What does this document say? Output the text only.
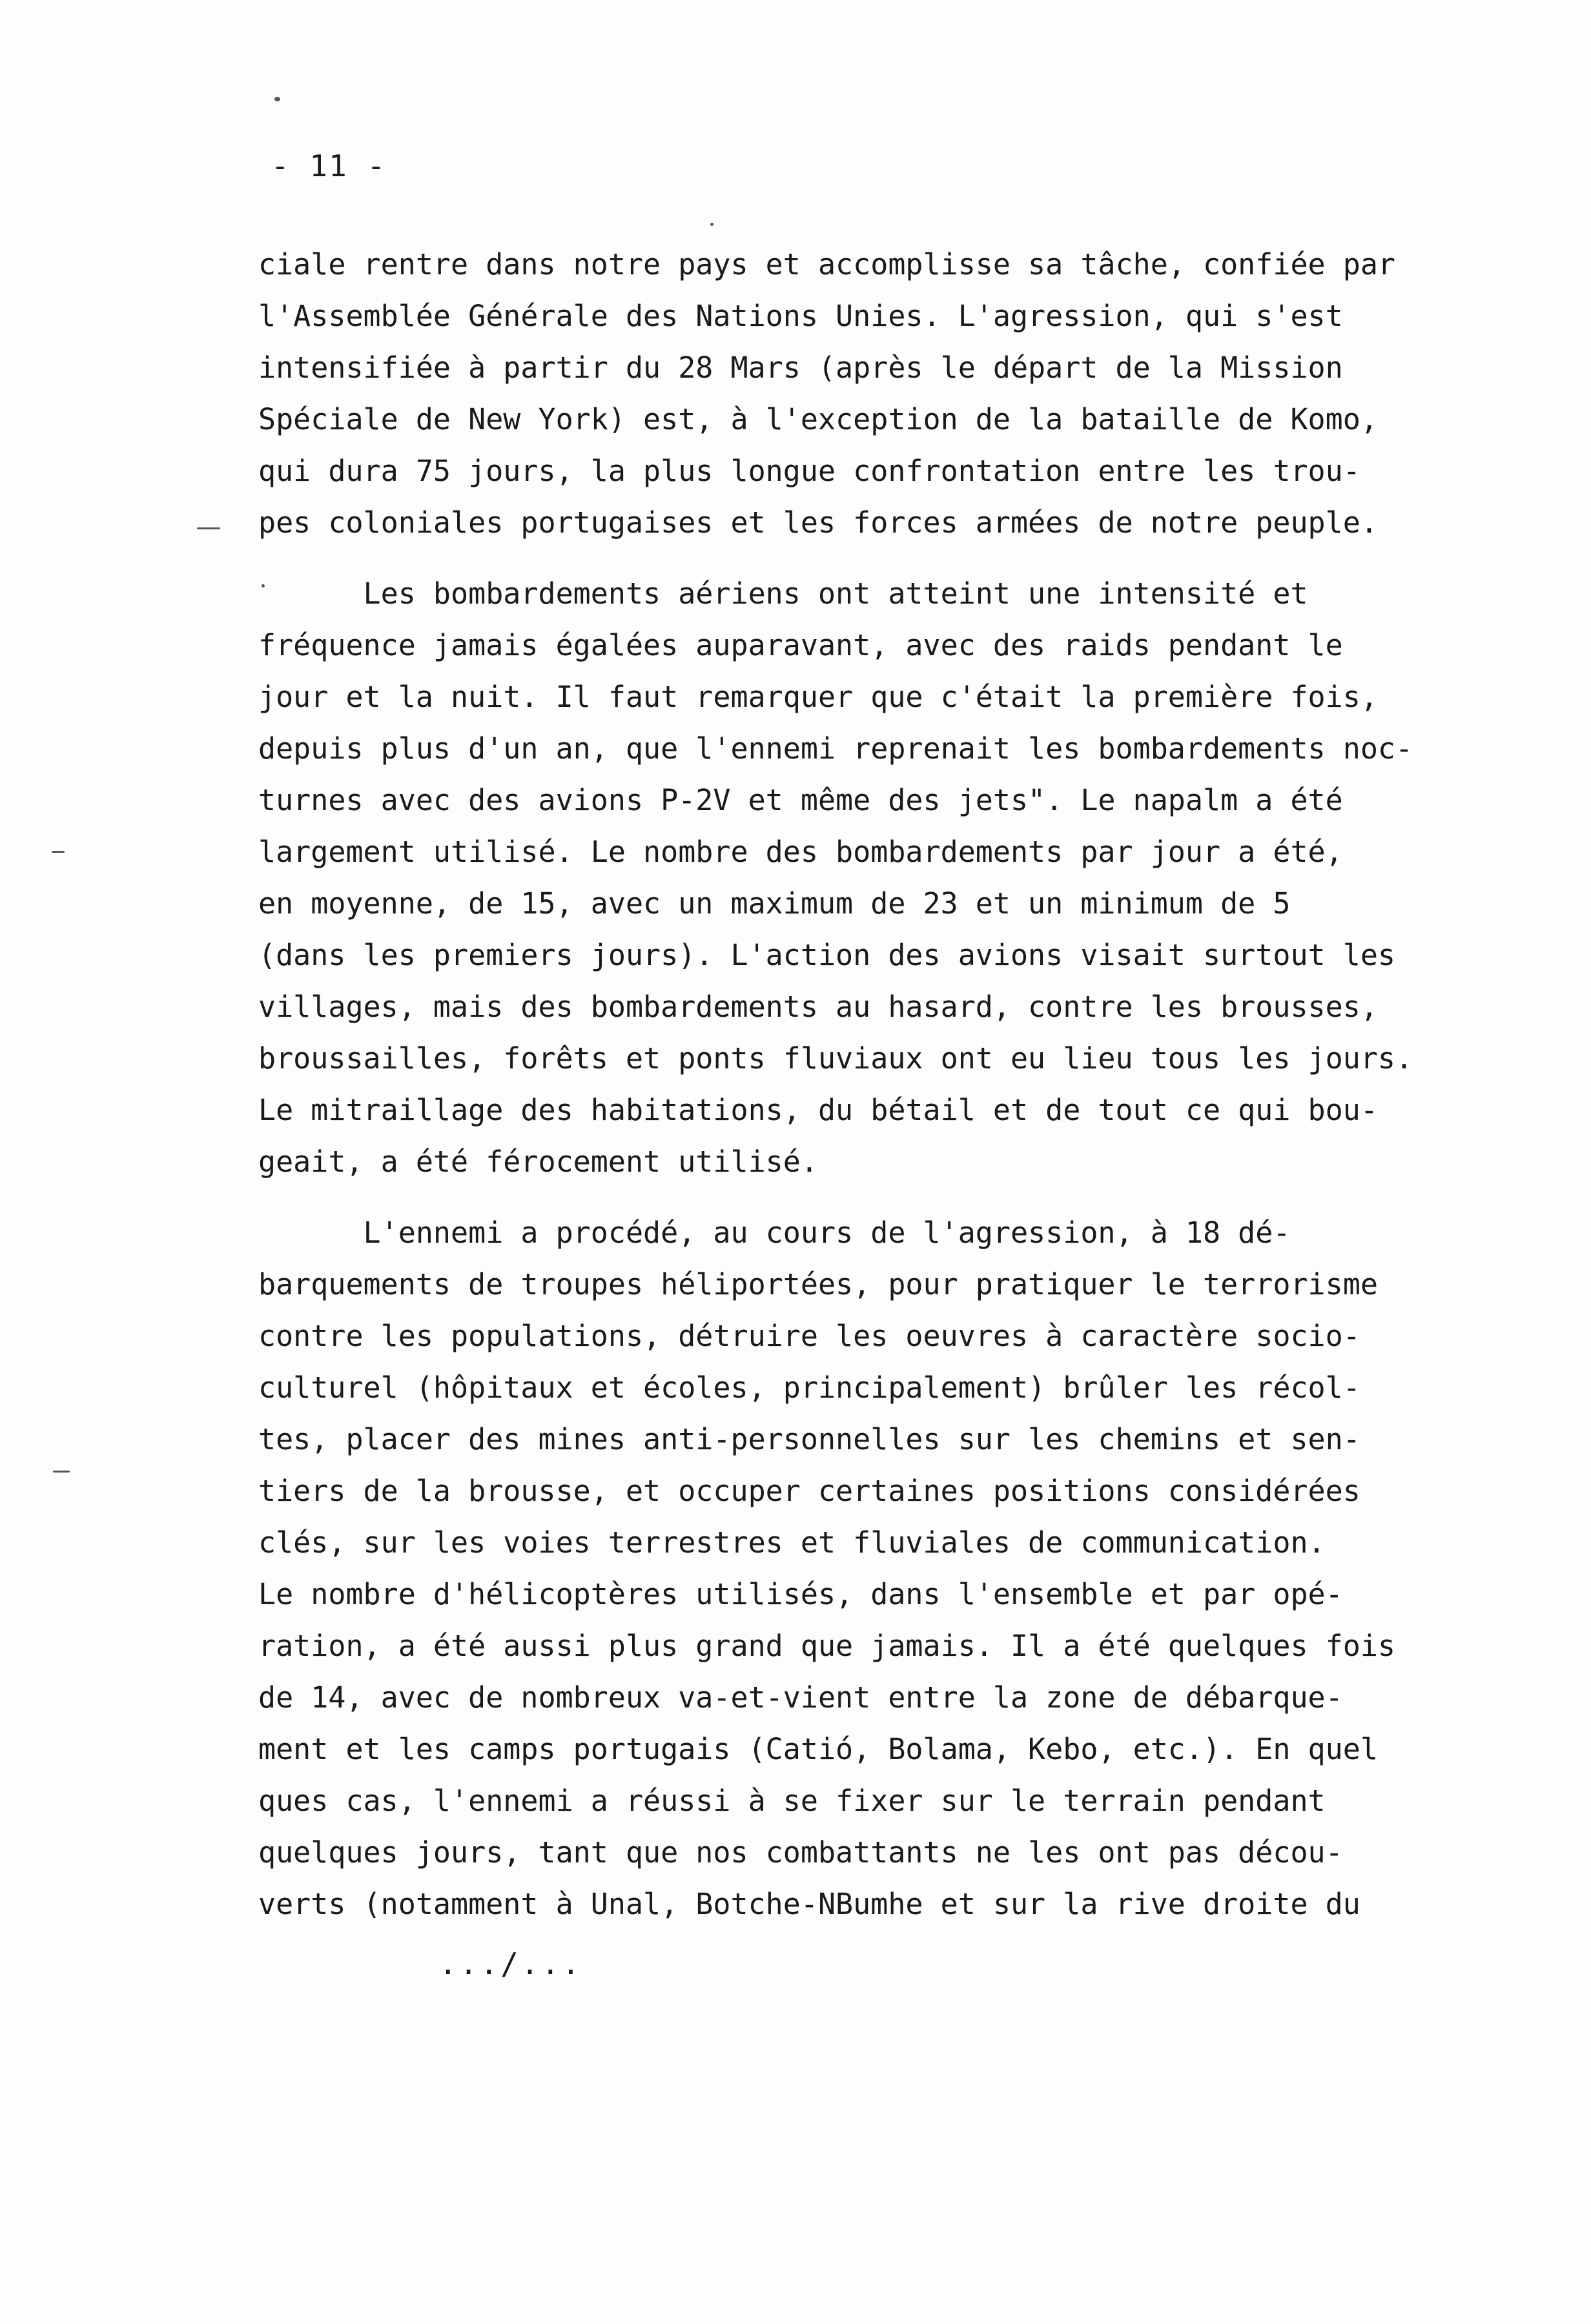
- 11 -
ciale rentre dans notre pays et accomplisse sa tâche, confiée par
l'Assemblée Générale des Nations Unies. L'agression, qui s'est
intensifiée à partir du 28 Mars (après le départ de la Mission
Spéciale de New York) est, à l'exception de la bataille de Komo,
qui dura 75 jours, la plus longue confrontation entre les trou-
pes coloniales portugaises et les forces armées de notre peuple.
Les bombardements aériens ont atteint une intensité et
fréquence jamais égalées auparavant, avec des raids pendant le
jour et la nuit. Il faut remarquer que c'était la première fois,
depuis plus d'un an, que l'ennemi reprenait les bombardements noc-
turnes avec des avions P-2V et même des jets". Le napalm a été
largement utilisé. Le nombre des bombardements par jour a été,
en moyenne, de 15, avec un maximum de 23 et un minimum de 5
(dans les premiers jours). L'action des avions visait surtout les
villages, mais des bombardements au hasard, contre les brousses,
broussailles, forêts et ponts fluviaux ont eu lieu tous les jours.
Le mitraillage des habitations, du bétail et de tout ce qui bou-
geait, a été férocement utilisé.
L'ennemi a procédé, au cours de l'agression, à 18 dé-
barquements de troupes héliportées, pour pratiquer le terrorisme
contre les populations, détruire les oeuvres à caractère socio-
culturel (hôpitaux et écoles, principalement) brûler les récol-
tes, placer des mines anti-personnelles sur les chemins et sen-
tiers de la brousse, et occuper certaines positions considérées
clés, sur les voies terrestres et fluviales de communication.
Le nombre d'hélicoptères utilisés, dans l'ensemble et par opé-
ration, a été aussi plus grand que jamais. Il a été quelques fois
de 14, avec de nombreux va-et-vient entre la zone de débarque-
ment et les camps portugais (Catió, Bolama, Kebo, etc.). En quel
ques cas, l'ennemi a réussi à se fixer sur le terrain pendant
quelques jours, tant que nos combattants ne les ont pas décou-
verts (notamment à Unal, Botche-NBumhe et sur la rive droite du
.../...
